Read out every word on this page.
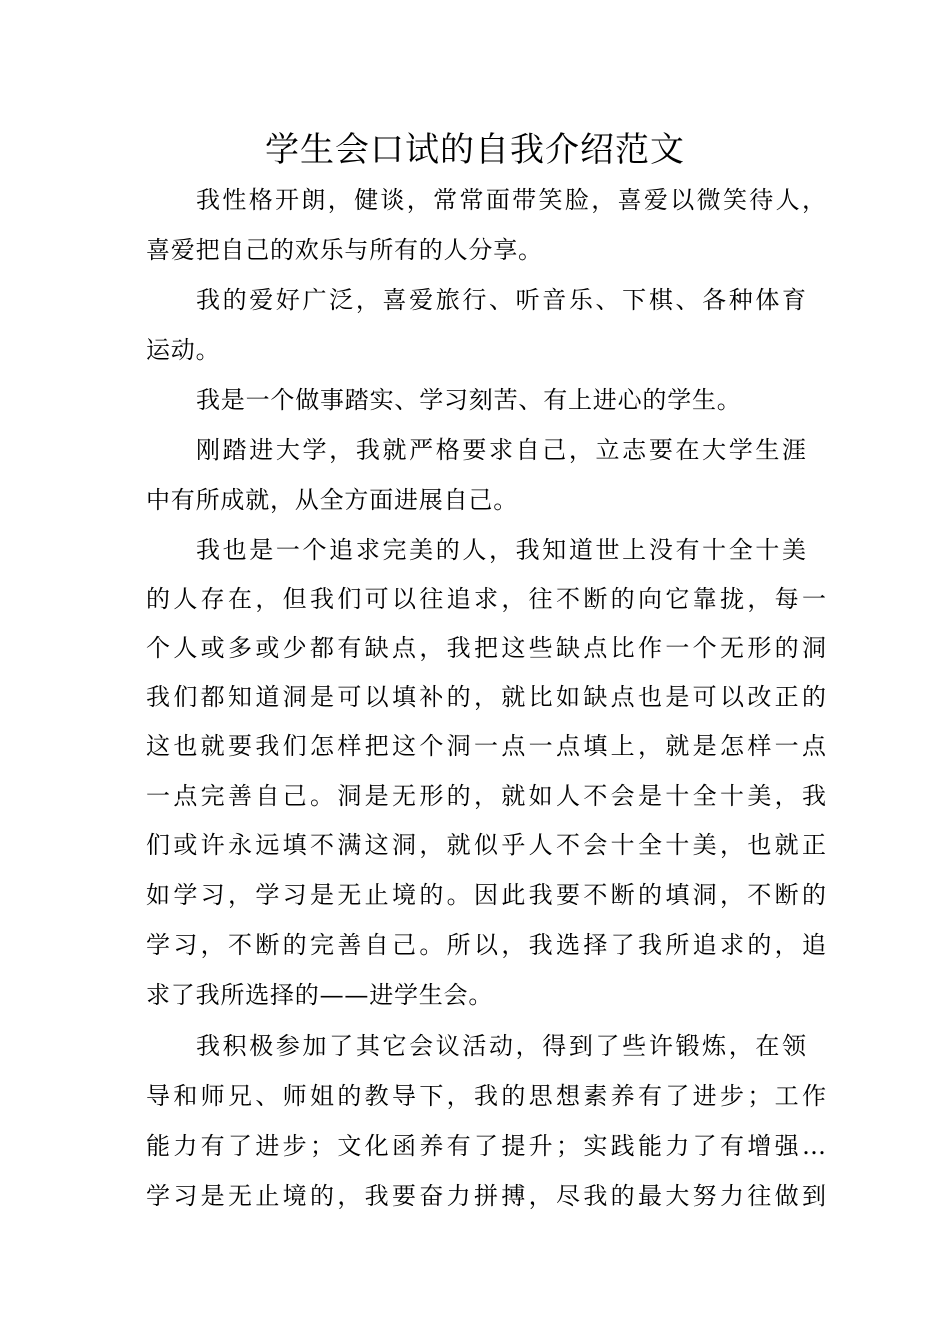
学生会口试的自我介绍范文
我性格开朗，健谈，常常面带笑脸，喜爱以微笑待人，
喜爱把自己的欢乐与所有的人分享。
我的爱好广泛，喜爱旅行、听音乐、下棋、各种体育
运动。
我是一个做事踏实、学习刻苦、有上进心的学生。
刚踏进大学，我就严格要求自己，立志要在大学生涯
中有所成就，从全方面进展自己。
我也是一个追求完美的人，我知道世上没有十全十美
的人存在，但我们可以往追求，往不断的向它靠拢，每一
个人或多或少都有缺点，我把这些缺点比作一个无形的洞
我们都知道洞是可以填补的，就比如缺点也是可以改正的
这也就要我们怎样把这个洞一点一点填上，就是怎样一点
一点完善自己。洞是无形的，就如人不会是十全十美，我
们或许永远填不满这洞，就似乎人不会十全十美，也就正
如学习，学习是无止境的。因此我要不断的填洞，不断的
学习，不断的完善自己。所以，我选择了我所追求的，追
求了我所选择的——进学生会。
我积极参加了其它会议活动，得到了些许锻炼，在领
导和师兄、师姐的教导下，我的思想素养有了进步；工作
能力有了进步；文化函养有了提升；实践能力了有增强…
学习是无止境的，我要奋力拼搏，尽我的最大努力往做到
